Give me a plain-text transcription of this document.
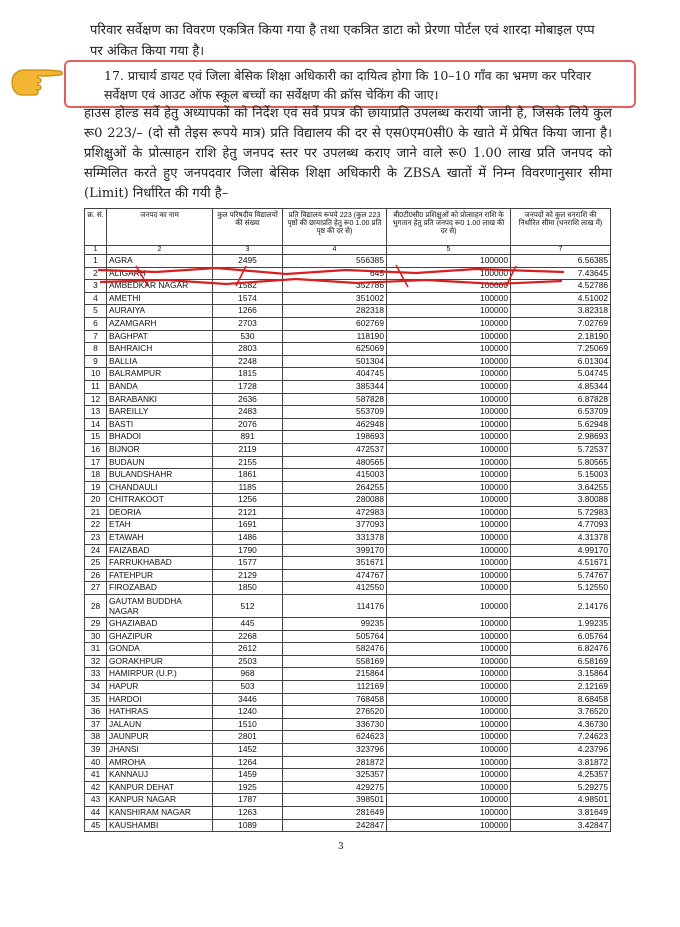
परिवार सर्वेक्षण का विवरण एकत्रित किया गया है तथा एकत्रित डाटा को प्रेरणा पोर्टल एवं शारदा मोबाइल एप्प पर अंकित किया गया है।
17. प्राचार्य डायट एवं जिला बेसिक शिक्षा अधिकारी का दायित्व होगा कि 10–10 गाँव का भ्रमण कर परिवार सर्वेक्षण एवं आउट ऑफ स्कूल बच्चों का सर्वेक्षण की क्रॉस चेकिंग की जाए।
हाउस होल्ड सर्वे हेतु अध्यापकों को निर्देश एवं सर्वे प्रपत्र की छायाप्रति उपलब्ध करायी जानी है, जिसके लिये कुल रू0 223/– (दो सौ तेइस रूपये मात्र) प्रति विद्यालय की दर से एस0एम0सी0 के खाते में प्रेषित किया जाना है। प्रशिक्षुओं के प्रोत्साहन राशि हेतु जनपद स्तर पर उपलब्ध कराए जाने वाले रू0 1.00 लाख प्रति जनपद को सम्मिलित करते हुए जनपदवार जिला बेसिक शिक्षा अधिकारी के ZBSA खातों में निम्न विवरणानुसार सीमा (Limit) निर्धारित की गयी है–
क्र. सं.	जनपद का नाम	कुल परिषदीय विद्यालयों की संख्या	प्रति विद्यालय रूपये 223 (कुल 223 पृष्ठों की छायाप्रति हेतु रू0 1.00 प्रति पृष्ठ की दर से)	बी0टी0सी0 प्रशिक्षुओं को प्रोत्साहन राशि के भुगतान हेतु प्रति जनपद रू0 1.00 लाख की दर से)	जनपदों को कुल धनराशि की निर्धारित सीमा (धनराशि लाख में)
1	2	3	4	5	7
1	AGRA	2495	556385	100000	6.56385
2	ALIGARH		645	100000	7.43645
3	AMBEDKAR NAGAR	1582	352786	100000	4.52786
4	AMETHI	1574	351002	100000	4.51002
5	AURAIYA	1266	282318	100000	3.82318
6	AZAMGARH	2703	602769	100000	7.02769
7	BAGHPAT	530	118190	100000	2.18190
8	BAHRAICH	2803	625069	100000	7.25069
9	BALLIA	2248	501304	100000	6.01304
10	BALRAMPUR	1815	404745	100000	5.04745
11	BANDA	1728	385344	100000	4.85344
12	BARABANKI	2636	587828	100000	6.87828
13	BAREILLY	2483	553709	100000	6.53709
14	BASTI	2076	462948	100000	5.62948
15	BHADOI	891	198693	100000	2.98693
16	BIJNOR	2119	472537	100000	5.72537
17	BUDAUN	2155	480565	100000	5.80565
18	BULANDSHAHR	1861	415003	100000	5.15003
19	CHANDAULI	1185	264255	100000	3.64255
20	CHITRAKOOT	1256	280088	100000	3.80088
21	DEORIA	2121	472983	100000	5.72983
22	ETAH	1691	377093	100000	4.77093
23	ETAWAH	1486	331378	100000	4.31378
24	FAIZABAD	1790	399170	100000	4.99170
25	FARRUKHABAD	1577	351671	100000	4.51671
26	FATEHPUR	2129	474767	100000	5.74767
27	FIROZABAD	1850	412550	100000	5.12550
28	GAUTAM BUDDHA NAGAR	512	114176	100000	2.14176
29	GHAZIABAD	445	99235	100000	1.99235
30	GHAZIPUR	2268	505764	100000	6.05764
31	GONDA	2612	582476	100000	6.82476
32	GORAKHPUR	2503	558169	100000	6.58169
33	HAMIRPUR (U.P.)	968	215864	100000	3.15864
34	HAPUR	503	112169	100000	2.12169
35	HARDOI	3446	768458	100000	8.68458
36	HATHRAS	1240	276520	100000	3.76520
37	JALAUN	1510	336730	100000	4.36730
38	JAUNPUR	2801	624623	100000	7.24623
39	JHANSI	1452	323796	100000	4.23796
40	AMROHA	1264	281872	100000	3.81872
41	KANNAUJ	1459	325357	100000	4.25357
42	KANPUR DEHAT	1925	429275	100000	5.29275
43	KANPUR NAGAR	1787	398501	100000	4.98501
44	KANSHIRAM NAGAR	1263	281649	100000	3.81649
45	KAUSHAMBI	1089	242847	100000	3.42847
3
